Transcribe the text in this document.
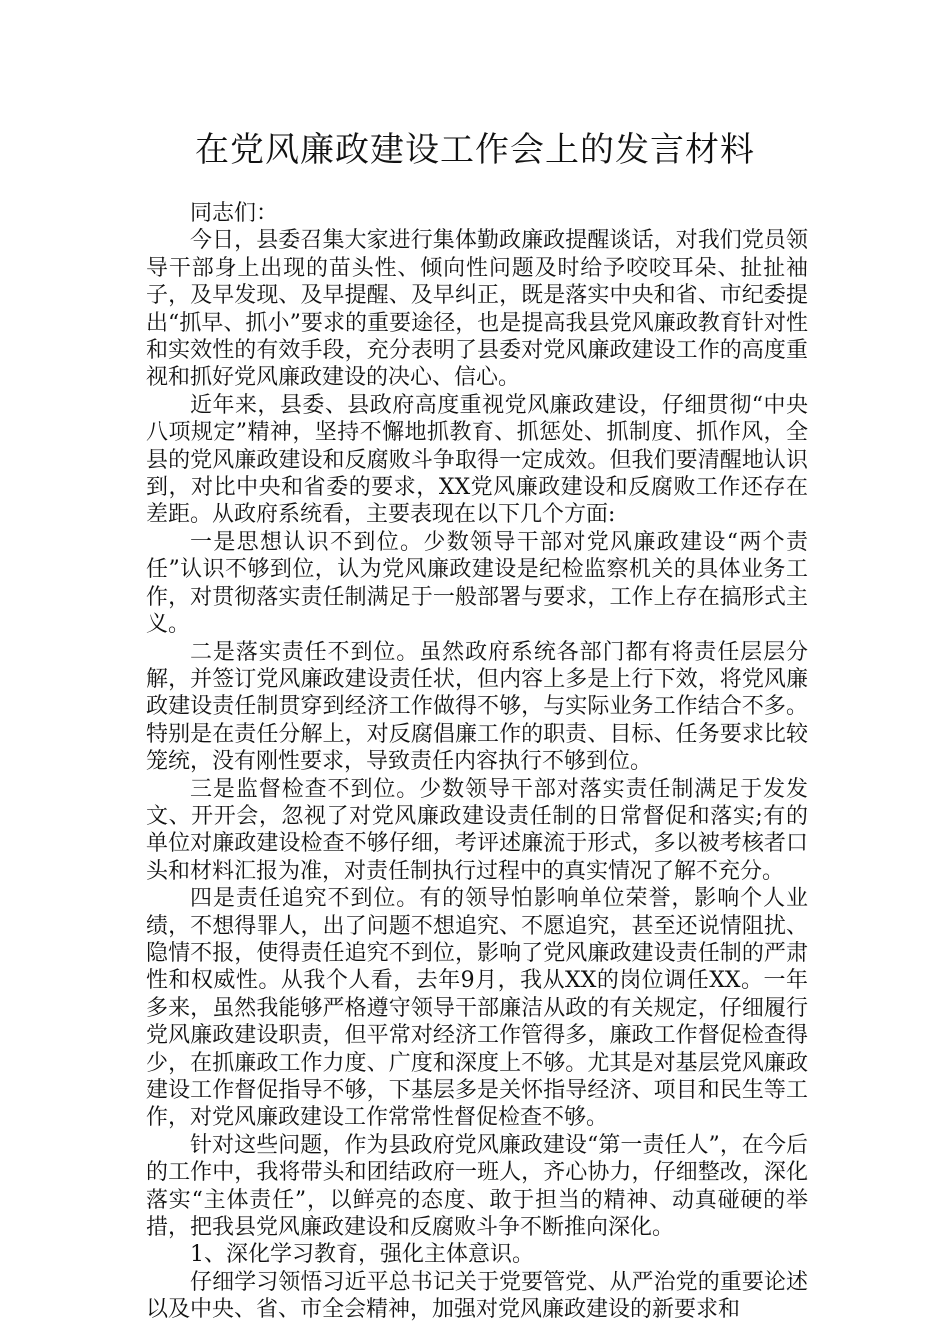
在党风廉政建设工作会上的发言材料

同志们：

今日，县委召集大家进行集体勤政廉政提醒谈话，对我们党员领导干部身上出现的苗头性、倾向性问题及时给予咬咬耳朵、扯扯袖子，及早发现、及早提醒、及早纠正，既是落实中央和省、市纪委提出“抓早、抓小”要求的重要途径，也是提高我县党风廉政教育针对性和实效性的有效手段，充分表明了县委对党风廉政建设工作的高度重视和抓好党风廉政建设的决心、信心。

近年来，县委、县政府高度重视党风廉政建设，仔细贯彻“中央八项规定”精神，坚持不懈地抓教育、抓惩处、抓制度、抓作风，全县的党风廉政建设和反腐败斗争取得一定成效。但我们要清醒地认识到，对比中央和省委的要求，XX党风廉政建设和反腐败工作还存在差距。从政府系统看，主要表现在以下几个方面:

一是思想认识不到位。少数领导干部对党风廉政建设“两个责任”认识不够到位，认为党风廉政建设是纪检监察机关的具体业务工作，对贯彻落实责任制满足于一般部署与要求，工作上存在搞形式主义。

二是落实责任不到位。虽然政府系统各部门都有将责任层层分解，并签订党风廉政建设责任状，但内容上多是上行下效，将党风廉政建设责任制贯穿到经济工作做得不够，与实际业务工作结合不多。特别是在责任分解上，对反腐倡廉工作的职责、目标、任务要求比较笼统，没有刚性要求，导致责任内容执行不够到位。

三是监督检查不到位。少数领导干部对落实责任制满足于发发文、开开会，忽视了对党风廉政建设责任制的日常督促和落实;有的单位对廉政建设检查不够仔细，考评述廉流于形式，多以被考核者口头和材料汇报为准，对责任制执行过程中的真实情况了解不充分。

四是责任追究不到位。有的领导怕影响单位荣誉，影响个人业绩，不想得罪人，出了问题不想追究、不愿追究，甚至还说情阻扰、隐情不报，使得责任追究不到位，影响了党风廉政建设责任制的严肃性和权威性。从我个人看，去年9月，我从XX的岗位调任XX。一年多来，虽然我能够严格遵守领导干部廉洁从政的有关规定，仔细履行党风廉政建设职责，但平常对经济工作管得多，廉政工作督促检查得少，在抓廉政工作力度、广度和深度上不够。尤其是对基层党风廉政建设工作督促指导不够，下基层多是关怀指导经济、项目和民生等工作，对党风廉政建设工作常常性督促检查不够。

针对这些问题，作为县政府党风廉政建设“第一责任人”，在今后的工作中，我将带头和团结政府一班人，齐心协力，仔细整改，深化落实“主体责任”，以鲜亮的态度、敢于担当的精神、动真碰硬的举措，把我县党风廉政建设和反腐败斗争不断推向深化。

1、深化学习教育，强化主体意识。

仔细学习领悟习近平总书记关于党要管党、从严治党的重要论述以及中央、省、市全会精神，加强对党风廉政建设的新要求和
